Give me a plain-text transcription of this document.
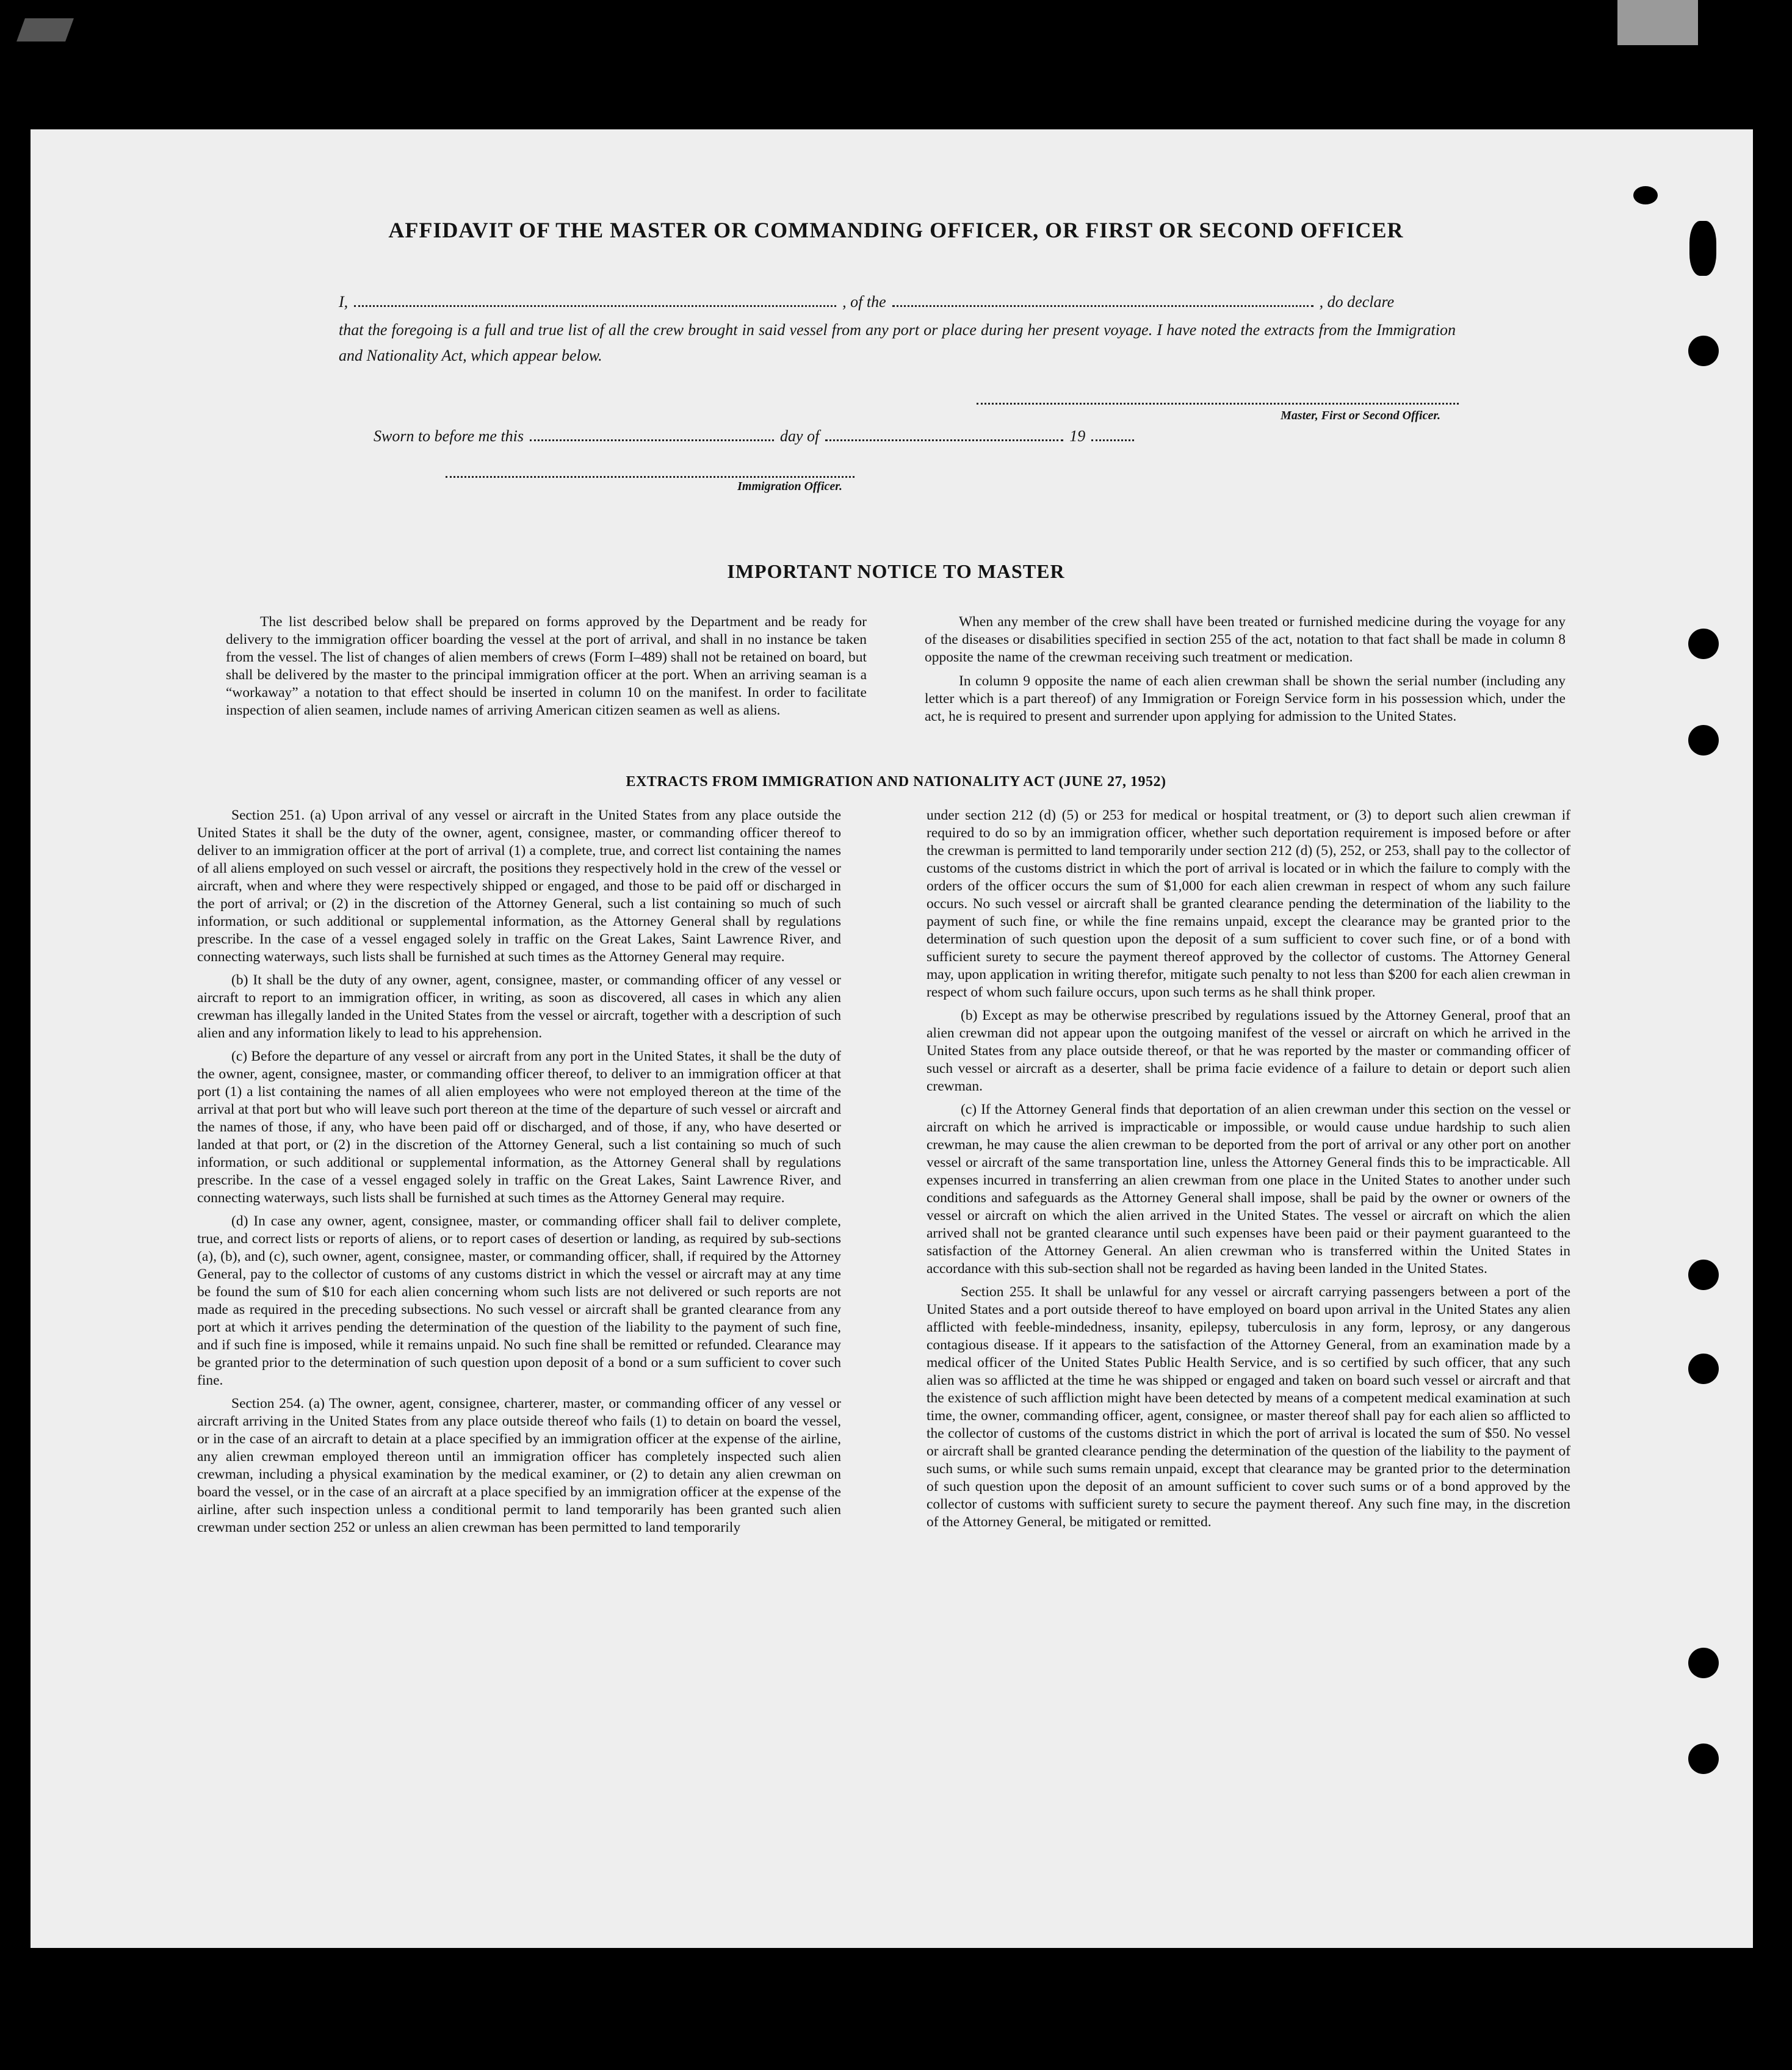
AFFIDAVIT OF THE MASTER OR COMMANDING OFFICER, OR FIRST OR SECOND OFFICER
I,	, of the	, do declare
that the foregoing is a full and true list of all the crew brought in said vessel from any port or place during her present voyage. I have noted the extracts from the Immigration and Nationality Act, which appear below.
Master, First or Second Officer.
Sworn to before me this	day of	19
Immigration Officer.
IMPORTANT NOTICE TO MASTER

The list described below shall be prepared on forms approved by the Department and be ready for delivery to the immigration officer boarding the vessel at the port of arrival, and shall in no instance be taken from the vessel. The list of changes of alien members of crews (Form I–489) shall not be retained on board, but shall be delivered by the master to the principal immigration officer at the port. When an arriving seaman is a “workaway” a notation to that effect should be inserted in column 10 on the manifest. In order to facilitate inspection of alien seamen, include names of arriving American citizen seamen as well as aliens.

When any member of the crew shall have been treated or furnished medicine during the voyage for any of the diseases or disabilities specified in section 255 of the act, notation to that fact shall be made in column 8 opposite the name of the crewman receiving such treatment or medication.

In column 9 opposite the name of each alien crewman shall be shown the serial number (including any letter which is a part thereof) of any Immigration or Foreign Service form in his possession which, under the act, he is required to present and surrender upon applying for admission to the United States.

EXTRACTS FROM IMMIGRATION AND NATIONALITY ACT (JUNE 27, 1952)

Section 251. (a) Upon arrival of any vessel or aircraft in the United States from any place outside the United States it shall be the duty of the owner, agent, consignee, master, or commanding officer thereof to deliver to an immigration officer at the port of arrival (1) a complete, true, and correct list containing the names of all aliens employed on such vessel or aircraft, the positions they respectively hold in the crew of the vessel or aircraft, when and where they were respectively shipped or engaged, and those to be paid off or discharged in the port of arrival; or (2) in the discretion of the Attorney General, such a list containing so much of such information, or such additional or supplemental information, as the Attorney General shall by regulations prescribe. In the case of a vessel engaged solely in traffic on the Great Lakes, Saint Lawrence River, and connecting waterways, such lists shall be furnished at such times as the Attorney General may require.

(b) It shall be the duty of any owner, agent, consignee, master, or commanding officer of any vessel or aircraft to report to an immigration officer, in writing, as soon as discovered, all cases in which any alien crewman has illegally landed in the United States from the vessel or aircraft, together with a description of such alien and any information likely to lead to his apprehension.

(c) Before the departure of any vessel or aircraft from any port in the United States, it shall be the duty of the owner, agent, consignee, master, or commanding officer thereof, to deliver to an immigration officer at that port (1) a list containing the names of all alien employees who were not employed thereon at the time of the arrival at that port but who will leave such port thereon at the time of the departure of such vessel or aircraft and the names of those, if any, who have been paid off or discharged, and of those, if any, who have deserted or landed at that port, or (2) in the discretion of the Attorney General, such a list containing so much of such information, or such additional or supplemental information, as the Attorney General shall by regulations prescribe. In the case of a vessel engaged solely in traffic on the Great Lakes, Saint Lawrence River, and connecting waterways, such lists shall be furnished at such times as the Attorney General may require.

(d) In case any owner, agent, consignee, master, or commanding officer shall fail to deliver complete, true, and correct lists or reports of aliens, or to report cases of desertion or landing, as required by sub-sections (a), (b), and (c), such owner, agent, consignee, master, or commanding officer, shall, if required by the Attorney General, pay to the collector of customs of any customs district in which the vessel or aircraft may at any time be found the sum of $10 for each alien concerning whom such lists are not delivered or such reports are not made as required in the preceding subsections. No such vessel or aircraft shall be granted clearance from any port at which it arrives pending the determination of the question of the liability to the payment of such fine, and if such fine is imposed, while it remains unpaid. No such fine shall be remitted or refunded. Clearance may be granted prior to the determination of such question upon deposit of a bond or a sum sufficient to cover such fine.

Section 254. (a) The owner, agent, consignee, charterer, master, or commanding officer of any vessel or aircraft arriving in the United States from any place outside thereof who fails (1) to detain on board the vessel, or in the case of an aircraft to detain at a place specified by an immigration officer at the expense of the airline, any alien crewman employed thereon until an immigration officer has completely inspected such alien crewman, including a physical examination by the medical examiner, or (2) to detain any alien crewman on board the vessel, or in the case of an aircraft at a place specified by an immigration officer at the expense of the airline, after such inspection unless a conditional permit to land temporarily has been granted such alien crewman under section 252 or unless an alien crewman has been permitted to land temporarily

under section 212 (d) (5) or 253 for medical or hospital treatment, or (3) to deport such alien crewman if required to do so by an immigration officer, whether such deportation requirement is imposed before or after the crewman is permitted to land temporarily under section 212 (d) (5), 252, or 253, shall pay to the collector of customs of the customs district in which the port of arrival is located or in which the failure to comply with the orders of the officer occurs the sum of $1,000 for each alien crewman in respect of whom any such failure occurs. No such vessel or aircraft shall be granted clearance pending the determination of the liability to the payment of such fine, or while the fine remains unpaid, except the clearance may be granted prior to the determination of such question upon the deposit of a sum sufficient to cover such fine, or of a bond with sufficient surety to secure the payment thereof approved by the collector of customs. The Attorney General may, upon application in writing therefor, mitigate such penalty to not less than $200 for each alien crewman in respect of whom such failure occurs, upon such terms as he shall think proper.

(b) Except as may be otherwise prescribed by regulations issued by the Attorney General, proof that an alien crewman did not appear upon the outgoing manifest of the vessel or aircraft on which he arrived in the United States from any place outside thereof, or that he was reported by the master or commanding officer of such vessel or aircraft as a deserter, shall be prima facie evidence of a failure to detain or deport such alien crewman.

(c) If the Attorney General finds that deportation of an alien crewman under this section on the vessel or aircraft on which he arrived is impracticable or impossible, or would cause undue hardship to such alien crewman, he may cause the alien crewman to be deported from the port of arrival or any other port on another vessel or aircraft of the same transportation line, unless the Attorney General finds this to be impracticable. All expenses incurred in transferring an alien crewman from one place in the United States to another under such conditions and safeguards as the Attorney General shall impose, shall be paid by the owner or owners of the vessel or aircraft on which the alien arrived in the United States. The vessel or aircraft on which the alien arrived shall not be granted clearance until such expenses have been paid or their payment guaranteed to the satisfaction of the Attorney General. An alien crewman who is transferred within the United States in accordance with this sub-section shall not be regarded as having been landed in the United States.

Section 255. It shall be unlawful for any vessel or aircraft carrying passengers between a port of the United States and a port outside thereof to have employed on board upon arrival in the United States any alien afflicted with feeble-mindedness, insanity, epilepsy, tuberculosis in any form, leprosy, or any dangerous contagious disease. If it appears to the satisfaction of the Attorney General, from an examination made by a medical officer of the United States Public Health Service, and is so certified by such officer, that any such alien was so afflicted at the time he was shipped or engaged and taken on board such vessel or aircraft and that the existence of such affliction might have been detected by means of a competent medical examination at such time, the owner, commanding officer, agent, consignee, or master thereof shall pay for each alien so afflicted to the collector of customs of the customs district in which the port of arrival is located the sum of $50. No vessel or aircraft shall be granted clearance pending the determination of the question of the liability to the payment of such sums, or while such sums remain unpaid, except that clearance may be granted prior to the determination of such question upon the deposit of an amount sufficient to cover such sums or of a bond approved by the collector of customs with sufficient surety to secure the payment thereof. Any such fine may, in the discretion of the Attorney General, be mitigated or remitted.
